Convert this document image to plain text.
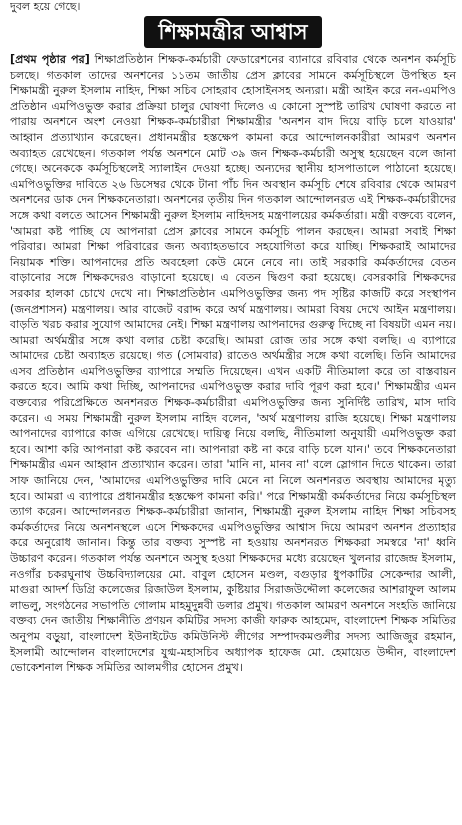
দুবল হয়ে গেছে।
শিক্ষামন্ত্রীর আশ্বাস
[প্রথম পৃষ্ঠার পর] শিক্ষাপ্রতিষ্ঠান শিক্ষক-কর্মচারী ফেডারেশনের ব্যানারে রবিবার থেকে অনশন কর্মসূচি চলছে। গতকাল তাদের অনশনের ১১তম জাতীয় প্রেস ক্লাবের সামনে কর্মসূচিস্থলে উপস্থিত হন শিক্ষামন্ত্রী নুরুল ইসলাম নাহিদ, শিক্ষা সচিব সোহরাব হোসাইনসহ অন্যরা। মন্ত্রী আইন করে নন-এমপিও প্রতিষ্ঠান এমপিওভুক্ত করার প্রক্রিয়া চালুর ঘোষণা দিলেও এ কোনো সুস্পষ্ট তারিখ ঘোষণা করতে না পারায় অনশনে অংশ নেওয়া শিক্ষক-কর্মচারীরা শিক্ষামন্ত্রীর 'অনশন বাদ দিয়ে বাড়ি চলে যাওয়ার' আহ্বান প্রত্যাখ্যান করেছেন। প্রধানমন্ত্রীর হস্তক্ষেপ কামনা করে আন্দোলনকারীরা আমরণ অনশন অব্যাহত রেখেছেন। গতকাল পর্যন্ত অনশনে মোট ৩৯ জন শিক্ষক-কর্মচারী অসুস্থ হয়েছেন বলে জানা গেছে। অনেককে কর্মসূচিস্থলেই স্যালাইন দেওয়া হচ্ছে। অন্যদের স্থানীয় হাসপাতালে পাঠানো হয়েছে। এমপিওভুক্তির দাবিতে ২৬ ডিসেম্বর থেকে টানা পাঁচ দিন অবস্থান কর্মসূচি শেষে রবিবার থেকে আমরণ অনশনের ডাক দেন শিক্ষকনেতারা। অনশনের তৃতীয় দিন গতকাল আন্দোলনরত এই শিক্ষক-কর্মচারীদের সঙ্গে কথা বলতে আসেন শিক্ষামন্ত্রী নুরুল ইসলাম নাহিদসহ মন্ত্রণালয়ের কর্মকর্তারা। মন্ত্রী বক্তব্যে বলেন, 'আমরা কষ্ট পাচ্ছি যে আপনারা প্রেস ক্লাবের সামনে কর্মসূচি পালন করছেন। আমরা সবাই শিক্ষা পরিবার। আমরা শিক্ষা পরিবারের জন্য অব্যাহতভাবে সহযোগিতা করে যাচ্ছি। শিক্ষকরাই আমাদের নিয়ামক শক্তি। আপনাদের প্রতি অবহেলা কেউ মেনে নেবে না। তাই সরকারি কর্মকর্তাদের বেতন বাড়ানোর সঙ্গে শিক্ষকদেরও বাড়ানো হয়েছে। এ বেতন দ্বিগুণ করা হয়েছে। বেসরকারি শিক্ষকদের সরকার হালকা চোখে দেখে না। শিক্ষাপ্রতিষ্ঠান এমপিওভুক্তির জন্য পদ সৃষ্টির কাজটি করে সংস্থাপন (জনপ্রশাসন) মন্ত্রণালয়। আর বাজেট বরাদ্দ করে অর্থ মন্ত্রণালয়। আমরা বিষয় দেখে আইন মন্ত্রণালয়। বাড়তি খরচ করার সুযোগ আমাদের নেই। শিক্ষা মন্ত্রণালয় আপনাদের গুরুত্ব দিচ্ছে না বিষয়টা এমন নয়। আমরা অর্থমন্ত্রীর সঙ্গে কথা বলার চেষ্টা করেছি। আমরা রোজ তার সঙ্গে কথা বলছি। এ ব্যাপারে আমাদের চেষ্টা অব্যাহত রয়েছে। গত (সোমবার) রাতেও অর্থমন্ত্রীর সঙ্গে কথা বলেছি। তিনি আমাদের এসব প্রতিষ্ঠান এমপিওভুক্তির ব্যাপারে সম্মতি দিয়েছেন। এখন একটি নীতিমালা করে তা বাস্তবায়ন করতে হবে। আমি কথা দিচ্ছি, আপনাদের এমপিওভুক্ত করার দাবি পূরণ করা হবে।' শিক্ষামন্ত্রীর এমন বক্তব্যের পরিপ্রেক্ষিতে অনশনরত শিক্ষক-কর্মচারীরা এমপিওভুক্তির জন্য সুনির্দিষ্ট তারিখ, মাস দাবি করেন। এ সময় শিক্ষামন্ত্রী নুরুল ইসলাম নাহিদ বলেন, 'অর্থ মন্ত্রণালয় রাজি হয়েছে। শিক্ষা মন্ত্রণালয় আপনাদের ব্যাপারে কাজ এগিয়ে রেখেছে। দায়িত্ব নিয়ে বলছি, নীতিমালা অনুযায়ী এমপিওভুক্ত করা হবে। আশা করি আপনারা কষ্ট করবেন না। আপনারা কষ্ট না করে বাড়ি চলে যান।' তবে শিক্ষকনেতারা শিক্ষামন্ত্রীর এমন আহ্বান প্রত্যাখ্যান করেন। তারা 'মানি না, মানব না' বলে স্লোগান দিতে থাকেন। তারা সাফ জানিয়ে দেন, 'আমাদের এমপিওভুক্তির দাবি মেনে না নিলে অনশনরত অবস্থায় আমাদের মৃত্যু হবে। আমরা এ ব্যাপারে প্রধানমন্ত্রীর হস্তক্ষেপ কামনা করি।' পরে শিক্ষামন্ত্রী কর্মকর্তাদের নিয়ে কর্মসূচিস্থল ত্যাগ করেন। আন্দোলনরত শিক্ষক-কর্মচারীরা জানান, শিক্ষামন্ত্রী নুরুল ইসলাম নাহিদ শিক্ষা সচিবসহ কর্মকর্তাদের নিয়ে অনশনস্থলে এসে শিক্ষকদের এমপিওভুক্তির আশ্বাস দিয়ে আমরণ অনশন প্রত্যাহার করে অনুরোধ জানান। কিন্তু তার বক্তব্য সুস্পষ্ট না হওয়ায় অনশনরত শিক্ষকরা সমস্বরে 'না' ধ্বনি উচ্চারণ করেন। গতকাল পর্যন্ত অনশনে অসুস্থ হওয়া শিক্ষকদের মধ্যে রয়েছেন খুলনার রাজেন্দ্র ইসলাম, নওগাঁর চকরঘুনাথ উচ্চবিদ্যালয়ের মো. বাবুল হোসেন মণ্ডল, বগুড়ার ধুপকাটির সেকেন্দার আলী, মাগুরা আদর্শ ডিগ্রি কলেজের রিজাউল ইসলাম, কুষ্টিয়ার সিরাজউদ্দৌলা কলেজের আশরাফুল আলম লাভলু, সংগঠনের সভাপতি গোলাম মাহমুদুন্নবী ডলার প্রমুখ। গতকাল আমরণ অনশনে সংহতি জানিয়ে বক্তব্য দেন জাতীয় শিক্ষানীতি প্রণয়ন কমিটির সদস্য কাজী ফারুক আহমেদ, বাংলাদেশ শিক্ষক সমিতির অনুপম বড়ুয়া, বাংলাদেশ ইউনাইটেড কমিউনিস্ট লীগের সম্পাদকমণ্ডলীর সদস্য আজিজুর রহমান, ইসলামী আন্দোলন বাংলাদেশের যুগ্ম-মহাসচিব অধ্যাপক হাফেজ মো. হেমায়েত উদ্দীন, বাংলাদেশ ভোকেশনাল শিক্ষক সমিতির আলমগীর হোসেন প্রমুখ।
